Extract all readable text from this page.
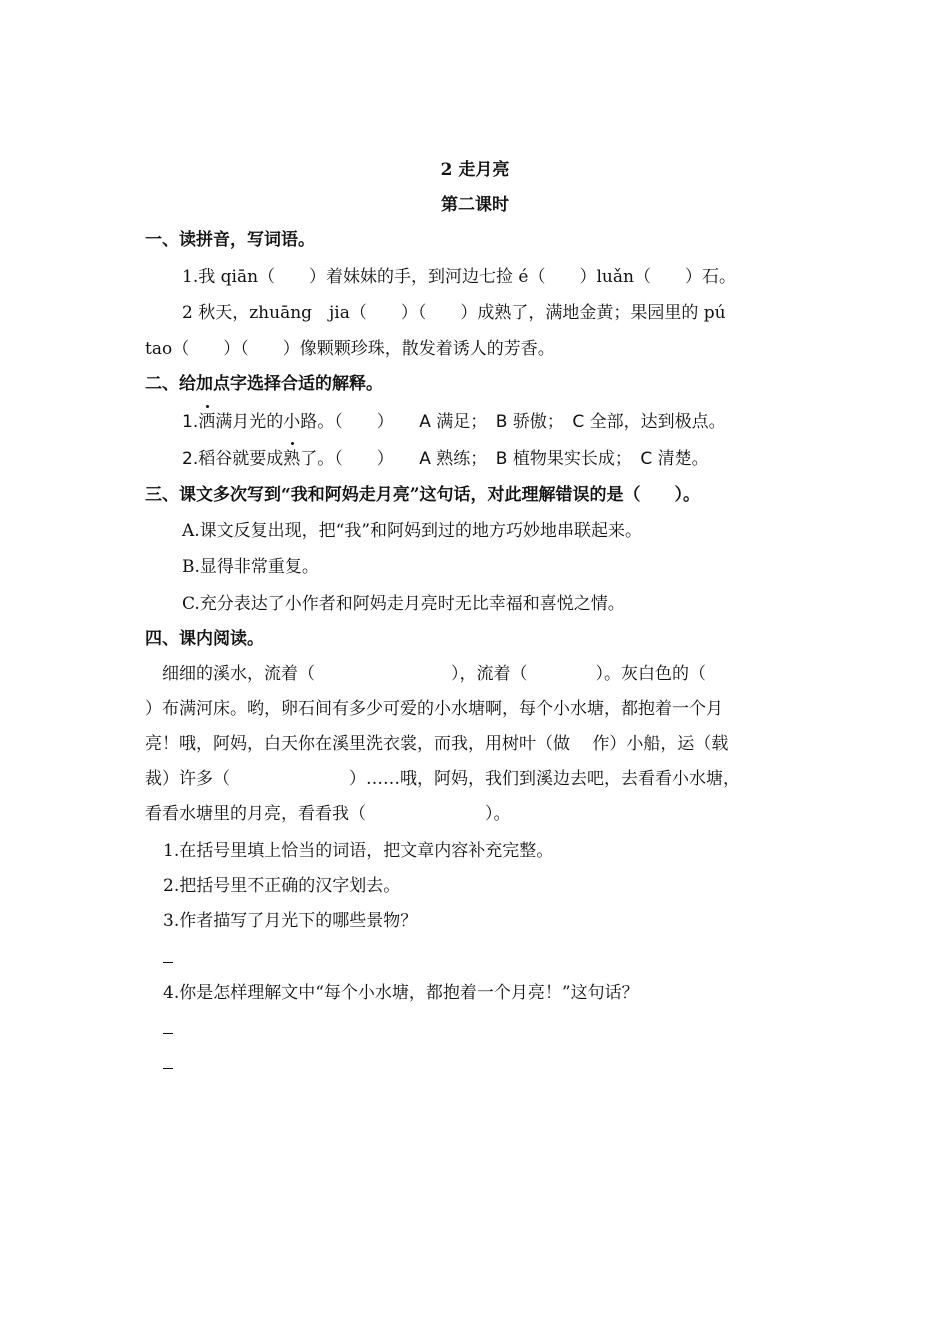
2 走月亮
第二课时
一、读拼音，写词语。
1.我 qiān（　　）着妹妹的手，到河边七捡 é（　　）luǎn（　　）石。
2 秋天，zhuāng　jia（　　）（　　）成熟了，满地金黄；果园里的 pú
tao（　　）（　　）像颗颗珍珠，散发着诱人的芳香。
二、给加点字选择合适的解释。
1.洒满月光的小路。（　　）　　A 满足；　B 骄傲；　C 全部，达到极点。
2.稻谷就要成熟了。（　　）　　A 熟练；　B 植物果实长成；　C 清楚。
三、课文多次写到“我和阿妈走月亮”这句话，对此理解错误的是（　　）。
A.课文反复出现，把“我”和阿妈到过的地方巧妙地串联起来。
B.显得非常重复。
C.充分表达了小作者和阿妈走月亮时无比幸福和喜悦之情。
四、课内阅读。
　细细的溪水，流着（　　　　　　　　），流着（　　　　）。灰白色的（
）布满河床。哟，卵石间有多少可爱的小水塘啊，每个小水塘，都抱着一个月
亮！哦，阿妈，白天你在溪里洗衣裳，而我，用树叶（做　 作）小船，运（载
裁）许多（　　　　　　　）……哦，阿妈，我们到溪边去吧，去看看小水塘，
看看水塘里的月亮，看看我（　　　　　　　）。
1.在括号里填上恰当的词语，把文章内容补充完整。
2.把括号里不正确的汉字划去。
3.作者描写了月光下的哪些景物？
4.你是怎样理解文中“每个小水塘，都抱着一个月亮！”这句话？
